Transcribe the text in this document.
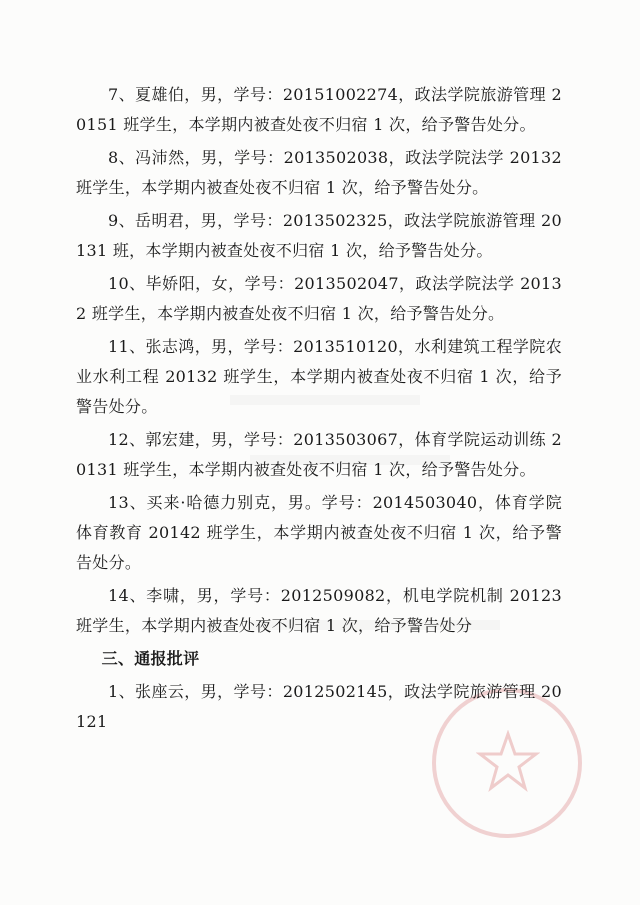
7、夏雄伯，男，学号：20151002274，政法学院旅游管理 20151 班学生，本学期内被查处夜不归宿 1 次，给予警告处分。

8、冯沛然，男，学号：2013502038，政法学院法学 20132 班学生，本学期内被查处夜不归宿 1 次，给予警告处分。

9、岳明君，男，学号：2013502325，政法学院旅游管理 20131 班，本学期内被查处夜不归宿 1 次，给予警告处分。

10、毕娇阳，女，学号：2013502047，政法学院法学 20132 班学生，本学期内被查处夜不归宿 1 次，给予警告处分。

11、张志鸿，男，学号：2013510120，水利建筑工程学院农业水利工程 20132 班学生，本学期内被查处夜不归宿 1 次，给予警告处分。

12、郭宏建，男，学号：2013503067，体育学院运动训练 20131 班学生，本学期内被查处夜不归宿 1 次，给予警告处分。

13、买来·哈德力别克，男。学号：2014503040，体育学院体育教育 20142 班学生，本学期内被查处夜不归宿 1 次，给予警告处分。

14、李啸，男，学号：2012509082，机电学院机制 20123 班学生，本学期内被查处夜不归宿 1 次，给予警告处分

三、通报批评

1、张座云，男，学号：2012502145，政法学院旅游管理 20121
